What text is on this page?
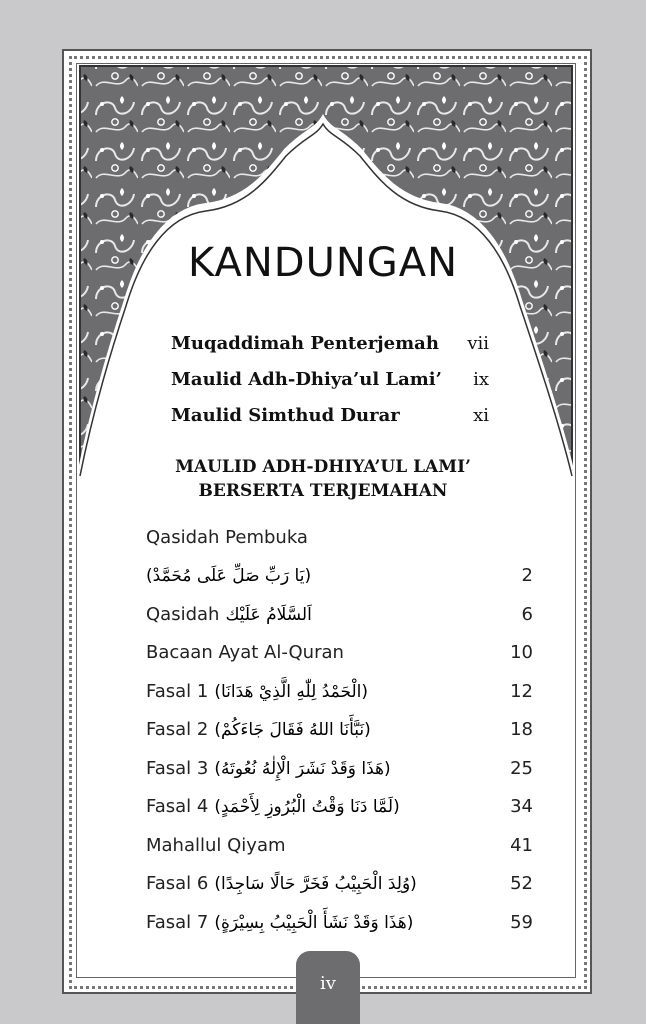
KANDUNGAN
Muqaddimah Penterjemah vii
Maulid Adh-Dhiya’ul Lami’ ix
Maulid Simthud Durar	xi
MAULID ADH-DHIYA’UL LAMI’
BERSERTA TERJEMAHAN
Qasidah Pembuka
(يَا رَبِّ صَلِّ عَلَى مُحَمَّدْ)	2
Qasidah اَلسَّلَامُ عَلَيْك	6
Bacaan Ayat Al-Quran	10
Fasal 1 (الْحَمْدُ لِلّٰهِ الَّذِيْ هَدَانَا)	12
Fasal 2 (نَبَّأَنَا اللهُ فَقَالَ جَاءَكُمْ)	18
Fasal 3 (هَذَا وَقَدْ نَشَرَ الْإِلٰهُ نُعُوتَهُ)	25
Fasal 4 (لَمَّا دَنَا وَقْتُ الْبُرُوزِ لِأَحْمَدٍ)	34
Mahallul Qiyam	41
Fasal 6 (وُلِدَ الْحَبِيْبُ فَخَرَّ حَالًا سَاجِدًا)	52
Fasal 7 (هَذَا وَقَدْ نَشَأَ الْحَبِيْبُ بِسِيْرَةٍ)	59
iv
